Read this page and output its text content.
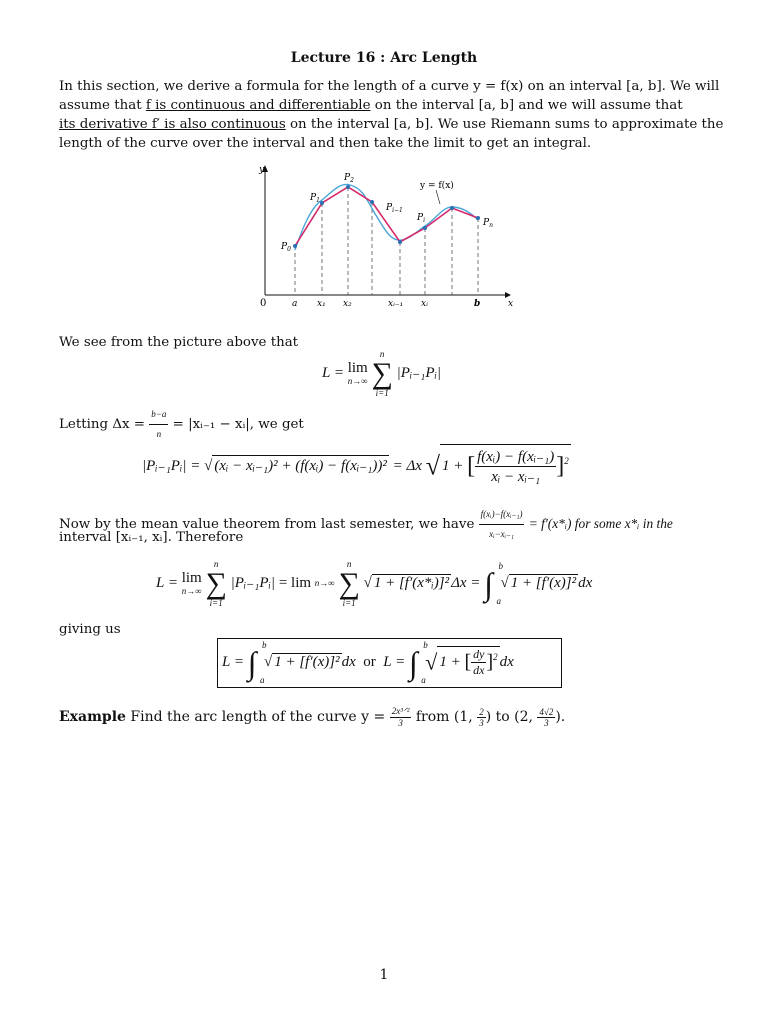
Lecture 16 : Arc Length
In this section, we derive a formula for the length of a curve y = f(x) on an interval [a, b]. We will
assume that f is continuous and differentiable on the interval [a, b] and we will assume that
its derivative f′ is also continuous on the interval [a, b]. We use Riemann sums to approximate the
length of the curve over the interval and then take the limit to get an integral.
y
x
0
$P_0$
$P_1$
$P_2$
$P_{i-1}$
$P_i$	$P_n$
y = f(x)
a x₁ x₂	xᵢ₋₁ xᵢ	b
We see from the picture above that
L = lim
n→∞

n
∑
i=1
|Pᵢ₋₁Pᵢ|
Letting $\Delta x = \frac{b-a}{n}$ = |xᵢ₋₁ − xᵢ|, we get
|Pᵢ₋₁Pᵢ| = √ (xᵢ − xᵢ₋₁)² + (f(xᵢ) − f(xᵢ₋₁))² = Δx √ 1 + [ $\frac{\text{f(xᵢ) − f(xᵢ₋₁)}}{\text{xᵢ − xᵢ₋₁}} ]^2$
Now by the mean value theorem from last semester, we have $\frac{\text{f(xᵢ)−f(xᵢ₋₁)}}{\text{xᵢ−xᵢ₋₁}}$ = f′(x*ᵢ) for some x*ᵢ in the
interval [xᵢ₋₁, xᵢ]. Therefore
L = lim
n→∞

n
∑
i=1
|Pᵢ₋₁Pᵢ| = lim n→∞

n
∑
i=1
√ 1 + [f′(x*ᵢ)]² Δx = ∫ b
a
√ 1 + [f′(x)]² dx
giving us
L = ∫ b
a
√ 1 + [f′(x)]² dx or L = ∫ b
a
√ 1 + [ $\frac{dy}{dx} ]^2$ dx
Example Find the arc length of the curve $y = \frac{\text{2x³ᐟ²}}{3}$ from (1, $\frac{2}{3}$ ) to (2, $\frac{4√2}{3}$ ).
1
